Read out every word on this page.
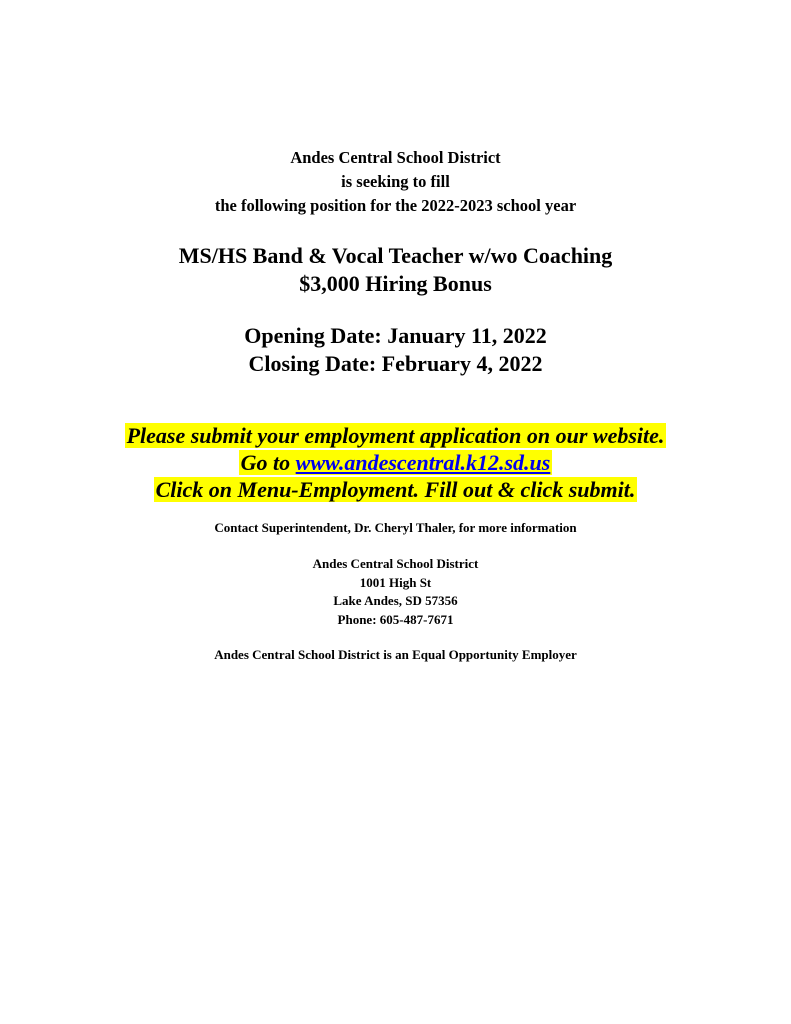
Andes Central School District
is seeking to fill
the following position for the 2022-2023 school year
MS/HS Band & Vocal Teacher w/wo Coaching
$3,000 Hiring Bonus
Opening Date: January 11, 2022
Closing Date: February 4, 2022
Please submit your employment application on our website.
Go to www.andescentral.k12.sd.us
Click on Menu-Employment. Fill out & click submit.
Contact Superintendent, Dr. Cheryl Thaler, for more information
Andes Central School District
1001 High St
Lake Andes, SD 57356
Phone: 605-487-7671
Andes Central School District is an Equal Opportunity Employer
